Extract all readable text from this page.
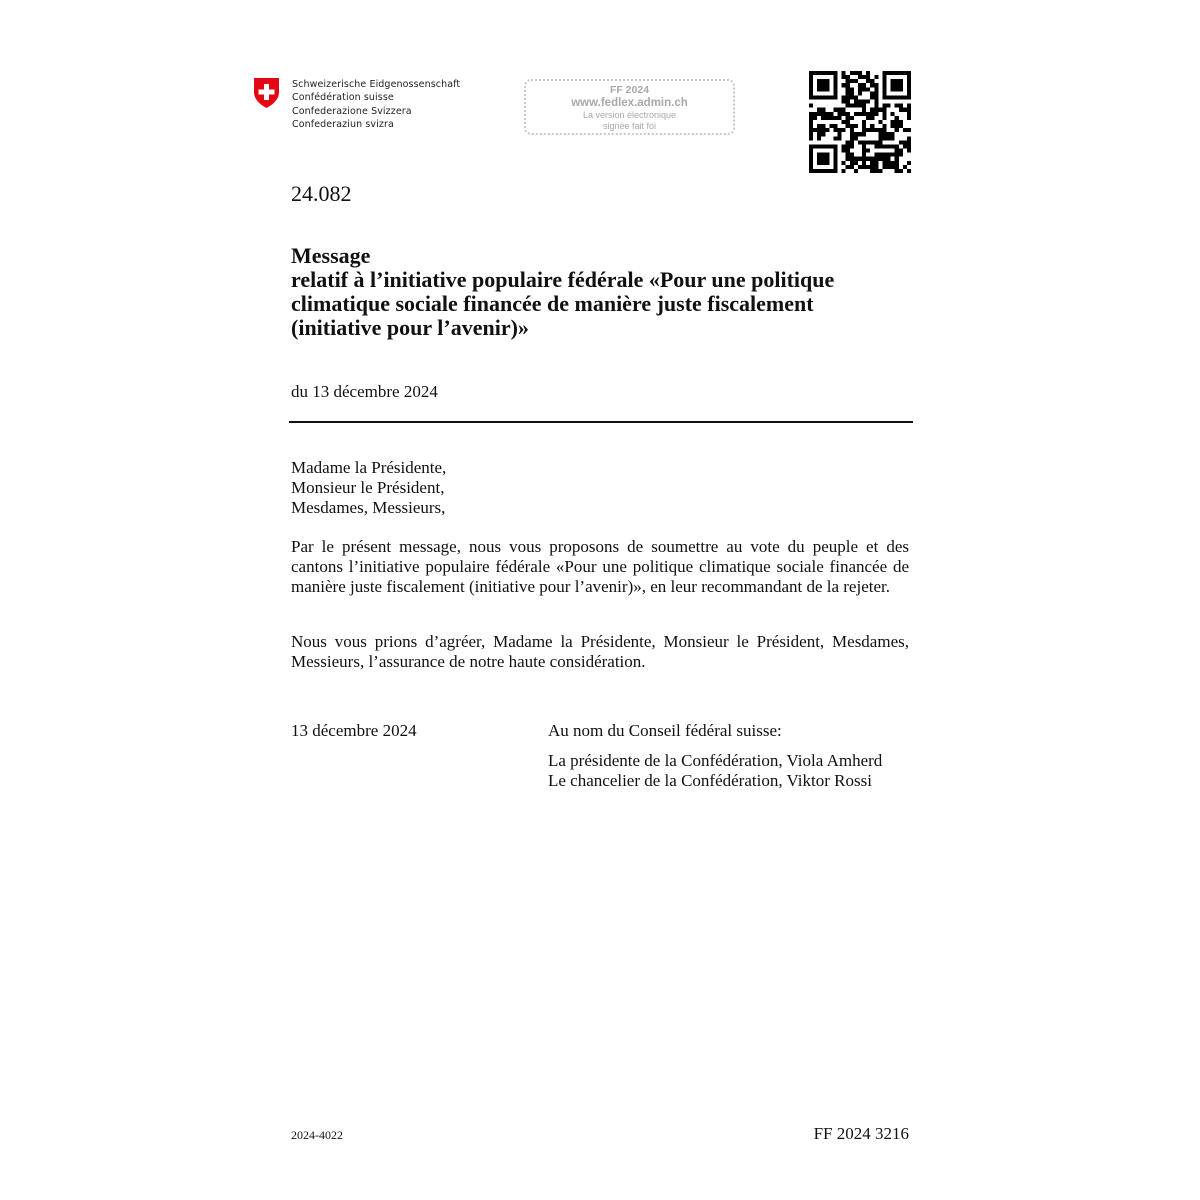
Schweizerische Eidgenossenschaft
Confédération suisse
Confederazione Svizzera
Confederaziun svizra
FF 2024
www.fedlex.admin.ch
La version électronique
signée fait foi
24.082
Message
relatif à l’initiative populaire fédérale «Pour une politique
climatique sociale financée de manière juste fiscalement
(initiative pour l’avenir)»
du 13 décembre 2024
Madame la Présidente,
Monsieur le Président,
Mesdames, Messieurs,
Par le présent message, nous vous proposons de soumettre au vote du peuple et des cantons l’initiative populaire fédérale «Pour une politique climatique sociale financée de manière juste fiscalement (initiative pour l’avenir)», en leur recommandant de la rejeter.
Nous vous prions d’agréer, Madame la Présidente, Monsieur le Président, Mesdames, Messieurs, l’assurance de notre haute considération.
13 décembre 2024	Au nom du Conseil fédéral suisse:
La présidente de la Confédération, Viola Amherd
Le chancelier de la Confédération, Viktor Rossi
2024-4022	FF 2024 3216
